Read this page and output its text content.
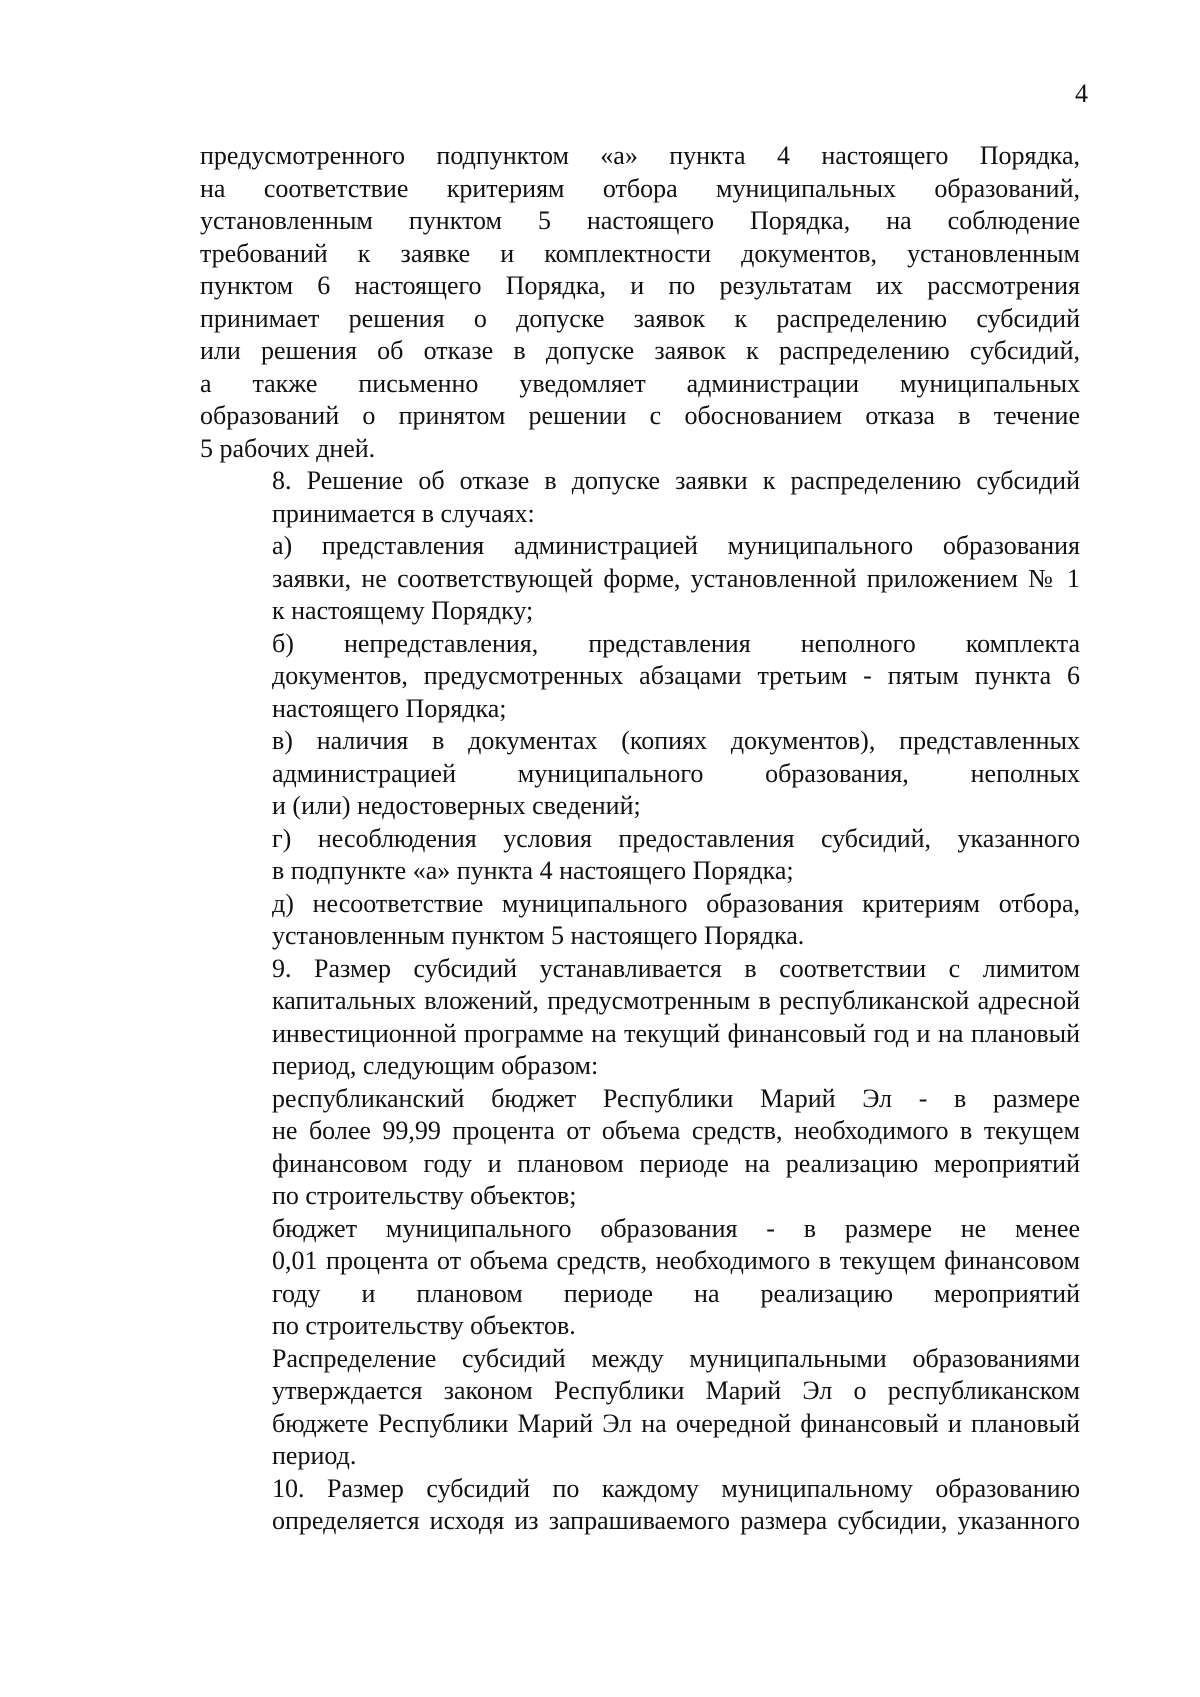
4
предусмотренного подпунктом «а» пункта 4 настоящего Порядка,
на соответствие критериям отбора муниципальных образований,
установленным пунктом 5 настоящего Порядка, на соблюдение
требований к заявке и комплектности документов, установленным
пунктом 6 настоящего Порядка, и по результатам их рассмотрения
принимает решения о допуске заявок к распределению субсидий
или решения об отказе в допуске заявок к распределению субсидий,
а также письменно уведомляет администрации муниципальных
образований о принятом решении с обоснованием отказа в течение
5 рабочих дней.
8. Решение об отказе в допуске заявки к распределению субсидий
принимается в случаях:
а) представления администрацией муниципального образования
заявки, не соответствующей форме, установленной приложением № 1
к настоящему Порядку;
б) непредставления, представления неполного комплекта
документов, предусмотренных абзацами третьим - пятым пункта 6
настоящего Порядка;
в) наличия в документах (копиях документов), представленных
администрацией муниципального образования, неполных
и (или) недостоверных сведений;
г) несоблюдения условия предоставления субсидий, указанного
в подпункте «а» пункта 4 настоящего Порядка;
д) несоответствие муниципального образования критериям отбора,
установленным пунктом 5 настоящего Порядка.
9. Размер субсидий устанавливается в соответствии с лимитом
капитальных вложений, предусмотренным в республиканской адресной
инвестиционной программе на текущий финансовый год и на плановый
период, следующим образом:
республиканский бюджет Республики Марий Эл - в размере
не более 99,99 процента от объема средств, необходимого в текущем
финансовом году и плановом периоде на реализацию мероприятий
по строительству объектов;
бюджет муниципального образования - в размере не менее
0,01 процента от объема средств, необходимого в текущем финансовом
году и плановом периоде на реализацию мероприятий
по строительству объектов.
Распределение субсидий между муниципальными образованиями
утверждается законом Республики Марий Эл о республиканском
бюджете Республики Марий Эл на очередной финансовый и плановый
период.
10. Размер субсидий по каждому муниципальному образованию
определяется исходя из запрашиваемого размера субсидии, указанного
